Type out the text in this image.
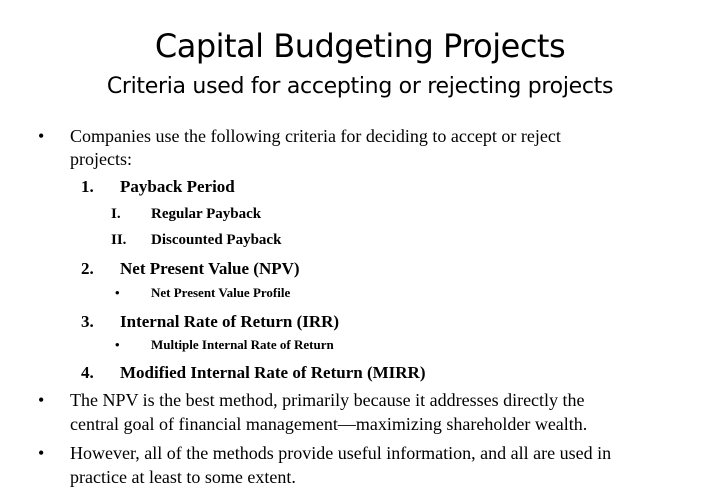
Capital Budgeting Projects
Criteria used for accepting or rejecting projects
• Companies use the following criteria for deciding to accept or reject
projects:
1. Payback Period
I. Regular Payback
II. Discounted Payback
2. Net Present Value (NPV)
• Net Present Value Profile
3. Internal Rate of Return (IRR)
• Multiple Internal Rate of Return
4. Modified Internal Rate of Return (MIRR)
• The NPV is the best method, primarily because it addresses directly the
central goal of financial management—maximizing shareholder wealth.
• However, all of the methods provide useful information, and all are used in
practice at least to some extent.
